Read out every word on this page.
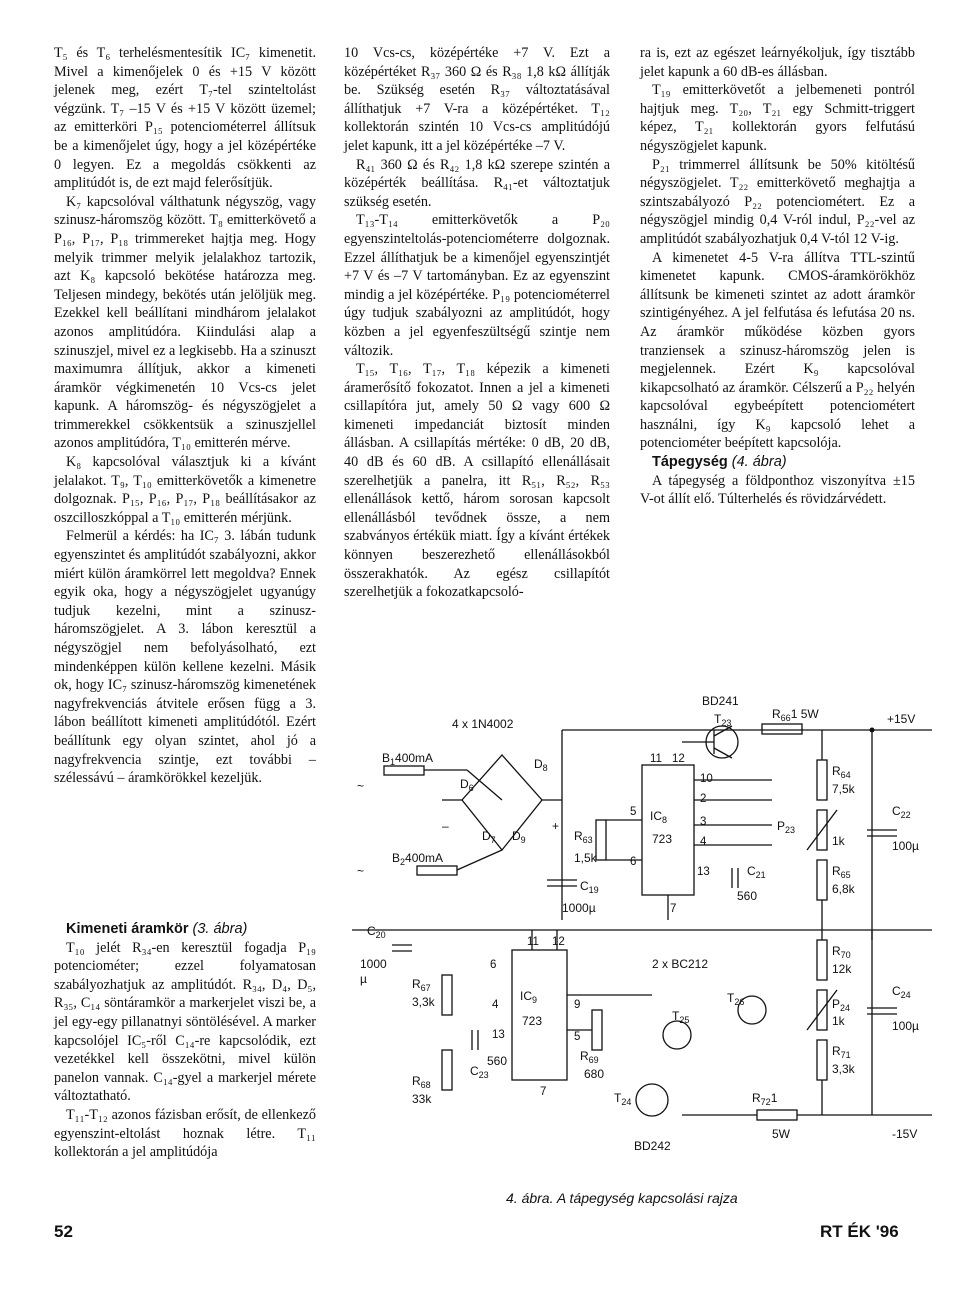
T₅ és T₆ terhelésmentesítik IC₇ kimenetit. Mivel a kimenőjelek 0 és +15 V között jelenek meg, ezért T₇-tel szinteltolást végzünk. T₇ –15 V és +15 V között üzemel; az emitterköri P₁₅ potenciométerrel állítsuk be a kimenőjelet úgy, hogy a jel középértéke 0 legyen. Ez a megoldás csökkenti az amplitúdót is, de ezt majd felerősítjük.

K₇ kapcsolóval válthatunk négyszög, vagy szinusz-háromszög között. T₈ emitterkövető a P₁₆, P₁₇, P₁₈ trimmereket hajtja meg. Hogy melyik trimmer melyik jelalakhoz tartozik, azt K₈ kapcsoló bekötése határozza meg. Teljesen mindegy, bekötés után jelöljük meg. Ezekkel kell beállítani mindhárom jelalakot azonos amplitúdóra. Kiindulási alap a szinuszjel, mivel ez a legkisebb. Ha a szinuszt maximumra állítjuk, akkor a kimeneti áramkör végkimenetén 10 Vcs-cs jelet kapunk. A háromszög- és négyszögjelet a trimmerekkel csökkentsük a szinuszjellel azonos amplitúdóra, T₁₀ emitterén mérve.

K₈ kapcsolóval választjuk ki a kívánt jelalakot. T₉, T₁₀ emitterkövetők a kimenetre dolgoznak. P₁₅, P₁₆, P₁₇, P₁₈ beállításakor az oszcilloszkóppal a T₁₀ emitterén mérjünk.

Felmerül a kérdés: ha IC₇ 3. lábán tudunk egyenszintet és amplitúdót szabályozni, akkor miért külön áramkörrel lett megoldva? Ennek egyik oka, hogy a négyszögjelet ugyanúgy tudjuk kezelni, mint a szinusz-háromszögjelet. A 3. lábon keresztül a négyszögjel nem befolyásolható, ezt mindenképpen külön kellene kezelni. Másik ok, hogy IC₇ szinusz-háromszög kimenetének nagyfrekvenciás átvitele erősen függ a 3. lábon beállított kimeneti amplitúdótól. Ezért beállítunk egy olyan szintet, ahol jó a nagyfrekvencia szintje, ezt további – szélessávú – áramkörökkel kezeljük.

Kimeneti áramkör (3. ábra)

T₁₀ jelét R₃₄-en keresztül fogadja P₁₉ potenciométer; ezzel folyamatosan szabályozhatjuk az amplitúdót. R₃₄, D₄, D₅, R₃₅, C₁₄ söntáramkör a markerjelet viszi be, a jel egy-egy pillanatnyi söntölésével. A marker kapcsolójel IC₅-ről C₁₄-re kapcsolódik, ezt vezetékkel kell összekötni, mivel külön panelon vannak. C₁₄-gyel a markerjel mérete változtatható.

T₁₁-T₁₂ azonos fázisban erősít, de ellenkező egyenszint-eltolást hoznak létre. T₁₁ kollektorán a jel amplitúdója

10 Vcs-cs, középértéke +7 V. Ezt a középértéket R₃₇ 360 Ω és R₃₈ 1,8 kΩ állítják be. Szükség esetén R₃₇ változtatásával állíthatjuk +7 V-ra a középértéket. T₁₂ kollektorán szintén 10 Vcs-cs amplitúdójú jelet kapunk, itt a jel középértéke –7 V.

R₄₁ 360 Ω és R₄₂ 1,8 kΩ szerepe szintén a középérték beállítása. R₄₁-et változtatjuk szükség esetén.

T₁₃-T₁₄ emitterkövetők a P₂₀ egyenszinteltolás-potenciométerre dolgoznak. Ezzel állíthatjuk be a kimenőjel egyenszintjét +7 V és –7 V tartományban. Ez az egyenszint mindig a jel középértéke. P₁₉ potenciométerrel úgy tudjuk szabályozni az amplitúdót, hogy közben a jel egyenfeszültségű szintje nem változik.

T₁₅, T₁₆, T₁₇, T₁₈ képezik a kimeneti áramerősítő fokozatot. Innen a jel a kimeneti csillapítóra jut, amely 50 Ω vagy 600 Ω kimeneti impedanciát biztosít minden állásban. A csillapítás mértéke: 0 dB, 20 dB, 40 dB és 60 dB. A csillapító ellenállásait szerelhetjük a panelra, itt R₅₁, R₅₂, R₅₃ ellenállások kettő, három sorosan kapcsolt ellenállásból tevődnek össze, a nem szabványos értékük miatt. Így a kívánt értékek könnyen beszerezhető ellenállásokból összerakhatók. Az egész csillapítót szerelhetjük a fokozatkapcsoló-

ra is, ezt az egészet leárnyékoljuk, így tisztább jelet kapunk a 60 dB-es állásban.

T₁₉ emitterkövetőt a jelbemeneti pontról hajtjuk meg. T₂₀, T₂₁ egy Schmitt-triggert képez, T₂₁ kollektorán gyors felfutású négyszögjelet kapunk.

P₂₁ trimmerrel állítsunk be 50% kitöltésű négyszögjelet. T₂₂ emitterkövető meghajtja a szintszabályozó P₂₂ potenciométert. Ez a négyszögjel mindig 0,4 V-ról indul, P₂₂-vel az amplitúdót szabályozhatjuk 0,4 V-tól 12 V-ig.

A kimenetet 4-5 V-ra állítva TTL-szintű kimenetet kapunk. CMOS-áramkörökhöz állítsunk be kimeneti szintet az adott áramkör szintigényéhez. A jel felfutása és lefutása 20 ns. Az áramkör működése közben gyors tranziensek a szinusz-háromszög jelen is megjelennek. Ezért K₉ kapcsolóval kikapcsolható az áramkör. Célszerű a P₂₂ helyén kapcsolóval egybeépített potenciométert használni, így K₉ kapcsoló lehet a potenciométer beépített kapcsolója.

Tápegység (4. ábra)

A tápegység a földponthoz viszonyítva ±15 V-ot állít elő. Túlterhelés és rövidzárvédett.

BD241
$T_{23}$
$R_{66}1$ 5W	+15V
4 x 1N4002
$B_1400mA$
$D_6$
$D_8$
$D_7$ $D_9$
~
~
–	+
$B_2400mA$
$R_{63}$
1,5k
$C_{19}$
1000µ
$IC_8$
723
11 12
10
2
3
4
5
6
13
7
$C_{21}$
560
$R_{64}$
7,5k
$P_{23}$
1k
$R_{65}$
6,8k
$C_{22}$
100µ
$C_{20}$
1000
µ
$IC_9$
723
11 12
6
4
13
9
5
7
$R_{67}$
3,3k
$C_{23}$
560
$R_{68}$
33k
$R_{69}$
680
2 x BC212
$T_{26}$
$T_{25}$
$T_{24}$
BD242
$R_{70}$
12k
$P_{24}$
1k
$R_{71}$
3,3k
$C_{24}$
100µ
$R_{72}1$
5W	-15V
4. ábra. A tápegység kapcsolási rajza
52	RT ÉK '96
